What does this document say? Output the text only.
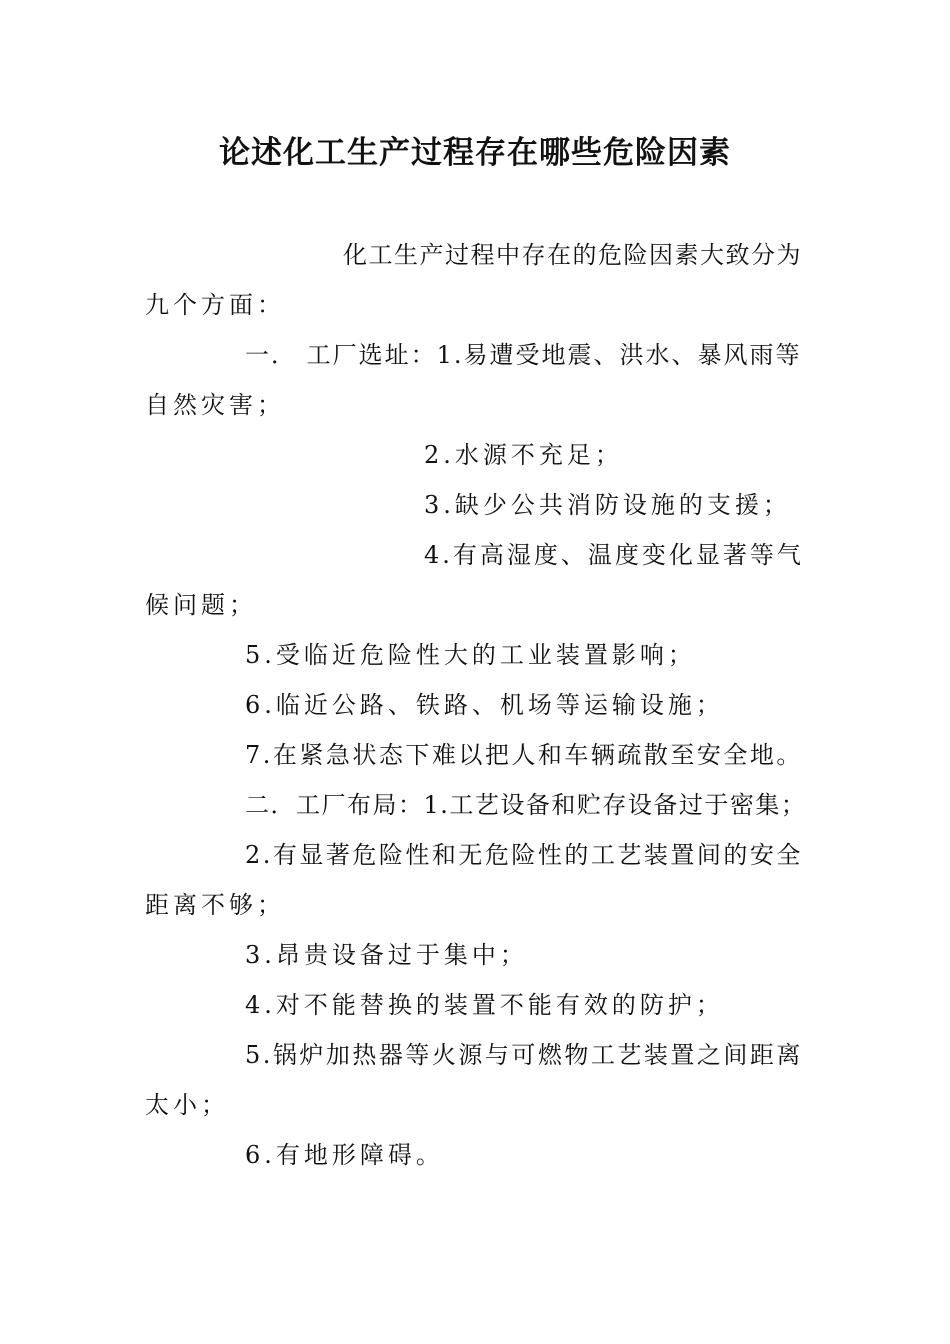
论述化工生产过程存在哪些危险因素
化工生产过程中存在的危险因素大致分为
九个方面：
一． 工厂选址：1.易遭受地震、洪水、暴风雨等
自然灾害；
2.水源不充足；
3.缺少公共消防设施的支援；
4.有高湿度、温度变化显著等气
候问题；
5.受临近危险性大的工业装置影响；
6.临近公路、铁路、机场等运输设施；
7.在紧急状态下难以把人和车辆疏散至安全地。
二．工厂布局：1.工艺设备和贮存设备过于密集；
2.有显著危险性和无危险性的工艺装置间的安全
距离不够；
3.昂贵设备过于集中；
4.对不能替换的装置不能有效的防护；
5.锅炉加热器等火源与可燃物工艺装置之间距离
太小；
6.有地形障碍。
